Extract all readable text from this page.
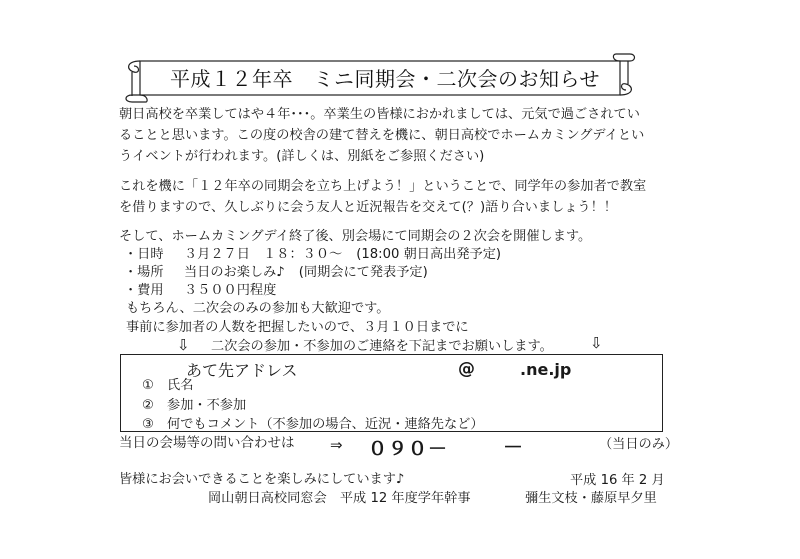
平成１２年卒　ミニ同期会・二次会のお知らせ
朝日高校を卒業してはや４年･･･。卒業生の皆様におかれましては、元気で過ごされてい
ることと思います。この度の校舎の建て替えを機に、朝日高校でホームカミングデイとい
うイベントが行われます。(詳しくは、別紙をご参照ください)
これを機に「１２年卒の同期会を立ち上げよう！」ということで、同学年の参加者で教室
を借りますので、久しぶりに会う友人と近況報告を交えて(？)語り合いましょう！！
そして、ホームカミングデイ終了後、別会場にて同期会の２次会を開催します。
・日時 ３月２７日　１８：３０～ (18:00 朝日高出発予定)
・場所 当日のお楽しみ♪ (同期会にて発表予定)
・費用 ３５００円程度
もちろん、二次会のみの参加も大歓迎です。
事前に参加者の人数を把握したいので、３月１０日までに
⇩ 二次会の参加・不参加のご連絡を下記までお願いします。 ⇩
あて先アドレス	@	.ne.jp
①　氏名
②　参加・不参加
③　何でもコメント（不参加の場合、近況・連絡先など）
当日の会場等の問い合わせは ⇒ ０９０－	－	（当日のみ）
皆様にお会いできることを楽しみにしています♪	平成 16 年 2 月
岡山朝日高校同窓会　平成 12 年度学年幹事	彌生文枝・藤原早夕里
